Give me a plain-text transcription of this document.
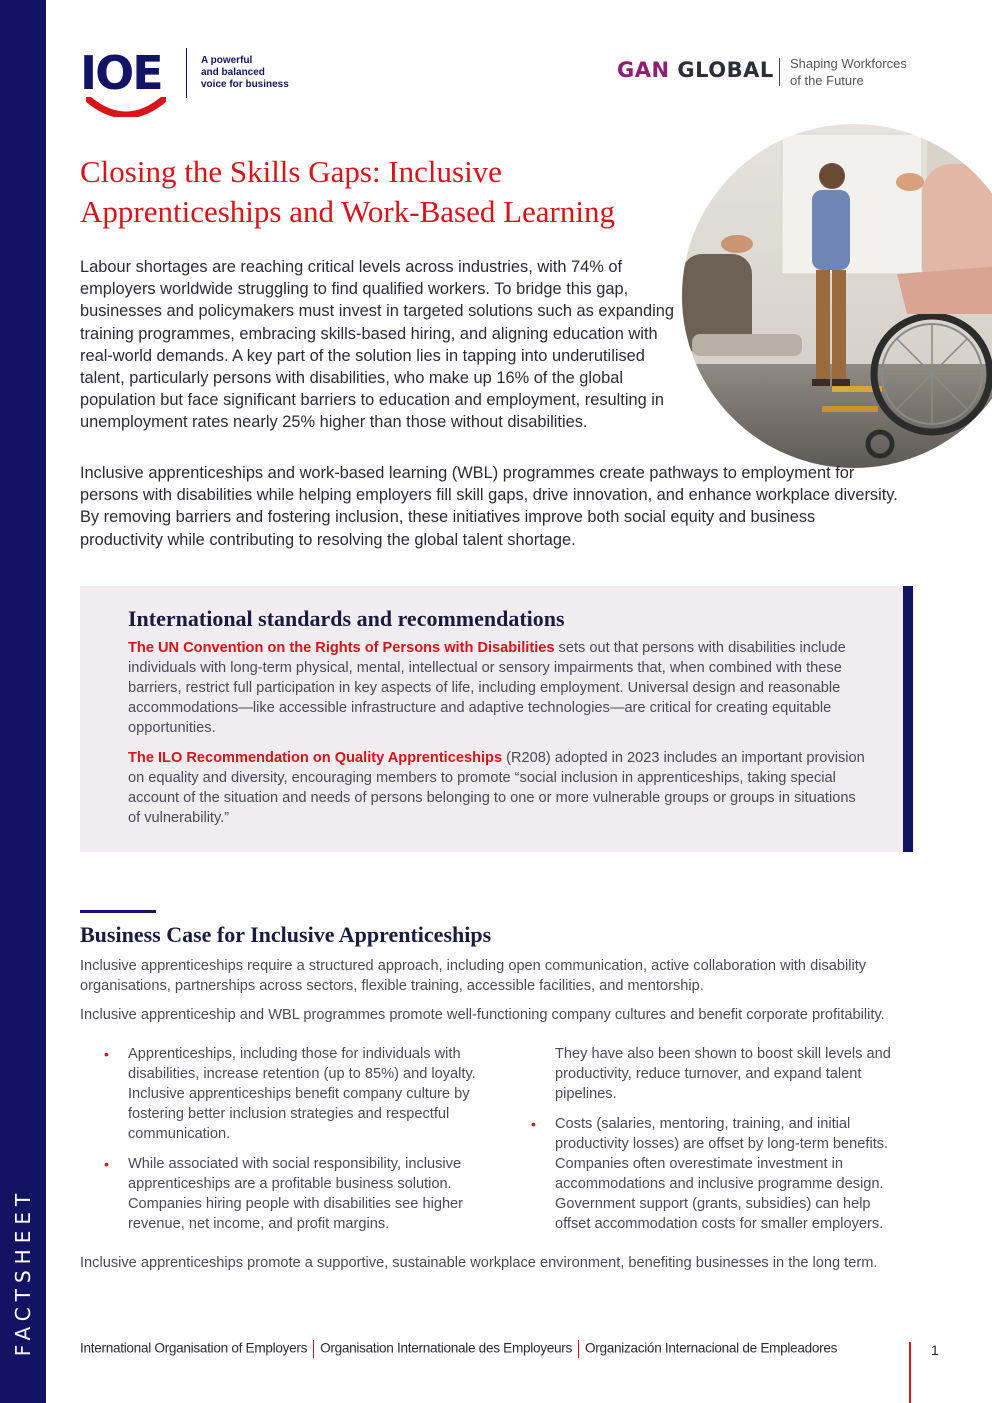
FACTSHEET
IOE	A powerful
and balanced
voice for business
GAN GLOBAL Shaping Workforces
of the Future
Closing the Skills Gaps: Inclusive Apprenticeships and Work-Based Learning

Labour shortages are reaching critical levels across industries, with 74% of employers worldwide struggling to find qualified workers. To bridge this gap, businesses and policymakers must invest in targeted solutions such as expanding training programmes, embracing skills-based hiring, and aligning education with real-world demands. A key part of the solution lies in tapping into underutilised talent, particularly persons with disabilities, who make up 16% of the global population but face significant barriers to education and employment, resulting in unemployment rates nearly 25% higher than those without disabilities.

Inclusive apprenticeships and work-based learning (WBL) programmes create pathways to employment for persons with disabilities while helping employers fill skill gaps, drive innovation, and enhance workplace diversity. By removing barriers and fostering inclusion, these initiatives improve both social equity and business productivity while contributing to resolving the global talent shortage.

International standards and recommendations

The UN Convention on the Rights of Persons with Disabilities sets out that persons with disabilities include individuals with long-term physical, mental, intellectual or sensory impairments that, when combined with these barriers, restrict full participation in key aspects of life, including employment. Universal design and reasonable accommodations—like accessible infrastructure and adaptive technologies—are critical for creating equitable opportunities.

The ILO Recommendation on Quality Apprenticeships (R208) adopted in 2023 includes an important provision on equality and diversity, encouraging members to promote “social inclusion in apprenticeships, taking special account of the situation and needs of persons belonging to one or more vulnerable groups or groups in situations of vulnerability.”

Business Case for Inclusive Apprenticeships

Inclusive apprenticeships require a structured approach, including open communication, active collaboration with disability organisations, partnerships across sectors, flexible training, accessible facilities, and mentorship.

Inclusive apprenticeship and WBL programmes promote well-functioning company cultures and benefit corporate profitability.

• Apprenticeships, including those for individuals with disabilities, increase retention (up to 85%) and loyalty. Inclusive apprenticeships benefit company culture by fostering better inclusion strategies and respectful communication.
• While associated with social responsibility, inclusive apprenticeships are a profitable business solution. Companies hiring people with disabilities see higher revenue, net income, and profit margins.
They have also been shown to boost skill levels and productivity, reduce turnover, and expand talent pipelines.
• Costs (salaries, mentoring, training, and initial productivity losses) are offset by long-term benefits. Companies often overestimate investment in accommodations and inclusive programme design. Government support (grants, subsidies) can help offset accommodation costs for smaller employers.

Inclusive apprenticeships promote a supportive, sustainable workplace environment, benefiting businesses in the long term.

International Organisation of Employers Organisation Internationale des Employeurs Organización Internacional de Empleadores	1
